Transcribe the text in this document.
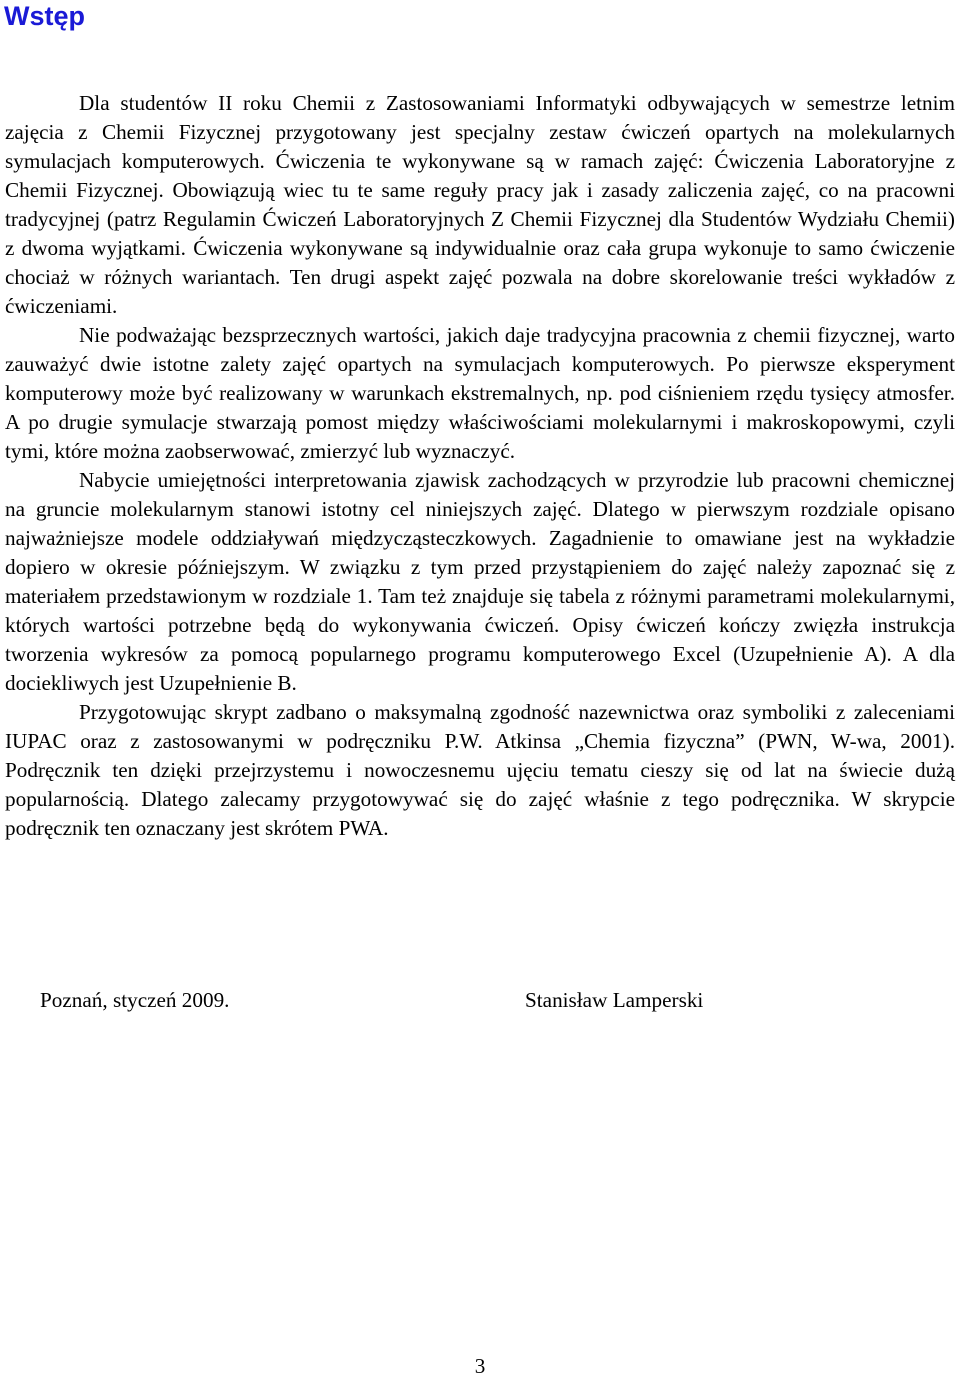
Wstęp

Dla studentów II roku Chemii z Zastosowaniami Informatyki odbywających w semestrze letnim zajęcia z Chemii Fizycznej przygotowany jest specjalny zestaw ćwiczeń opartych na molekularnych symulacjach komputerowych. Ćwiczenia te wykonywane są w ramach zajęć: Ćwiczenia Laboratoryjne z Chemii Fizycznej. Obowiązują wiec tu te same reguły pracy jak i zasady zaliczenia zajęć, co na pracowni tradycyjnej (patrz Regulamin Ćwiczeń Laboratoryjnych Z Chemii Fizycznej dla Studentów Wydziału Chemii) z dwoma wyjątkami. Ćwiczenia wykonywane są indywidualnie oraz cała grupa wykonuje to samo ćwiczenie chociaż w różnych wariantach. Ten drugi aspekt zajęć pozwala na dobre skorelowanie treści wykładów z ćwiczeniami.

Nie podważając bezsprzecznych wartości, jakich daje tradycyjna pracownia z chemii fizycznej, warto zauważyć dwie istotne zalety zajęć opartych na symulacjach komputerowych. Po pierwsze eksperyment komputerowy może być realizowany w warunkach ekstremalnych, np. pod ciśnieniem rzędu tysięcy atmosfer. A po drugie symulacje stwarzają pomost między właściwościami molekularnymi i makroskopowymi, czyli tymi, które można zaobserwować, zmierzyć lub wyznaczyć.

Nabycie umiejętności interpretowania zjawisk zachodzących w przyrodzie lub pracowni chemicznej na gruncie molekularnym stanowi istotny cel niniejszych zajęć. Dlatego w pierwszym rozdziale opisano najważniejsze modele oddziaływań międzycząsteczkowych. Zagadnienie to omawiane jest na wykładzie dopiero w okresie późniejszym. W związku z tym przed przystąpieniem do zajęć należy zapoznać się z materiałem przedstawionym w rozdziale 1. Tam też znajduje się tabela z różnymi parametrami molekularnymi, których wartości potrzebne będą do wykonywania ćwiczeń. Opisy ćwiczeń kończy zwięzła instrukcja tworzenia wykresów za pomocą popularnego programu komputerowego Excel (Uzupełnienie A). A dla dociekliwych jest Uzupełnienie B.

Przygotowując skrypt zadbano o maksymalną zgodność nazewnictwa oraz symboliki z zaleceniami IUPAC oraz z zastosowanymi w podręczniku P.W. Atkinsa „Chemia fizyczna” (PWN, W-wa, 2001). Podręcznik ten dzięki przejrzystemu i nowoczesnemu ujęciu tematu cieszy się od lat na świecie dużą popularnością. Dlatego zalecamy przygotowywać się do zajęć właśnie z tego podręcznika. W skrypcie podręcznik ten oznaczany jest skrótem PWA.

Poznań, styczeń 2009.	Stanisław Lamperski
3
